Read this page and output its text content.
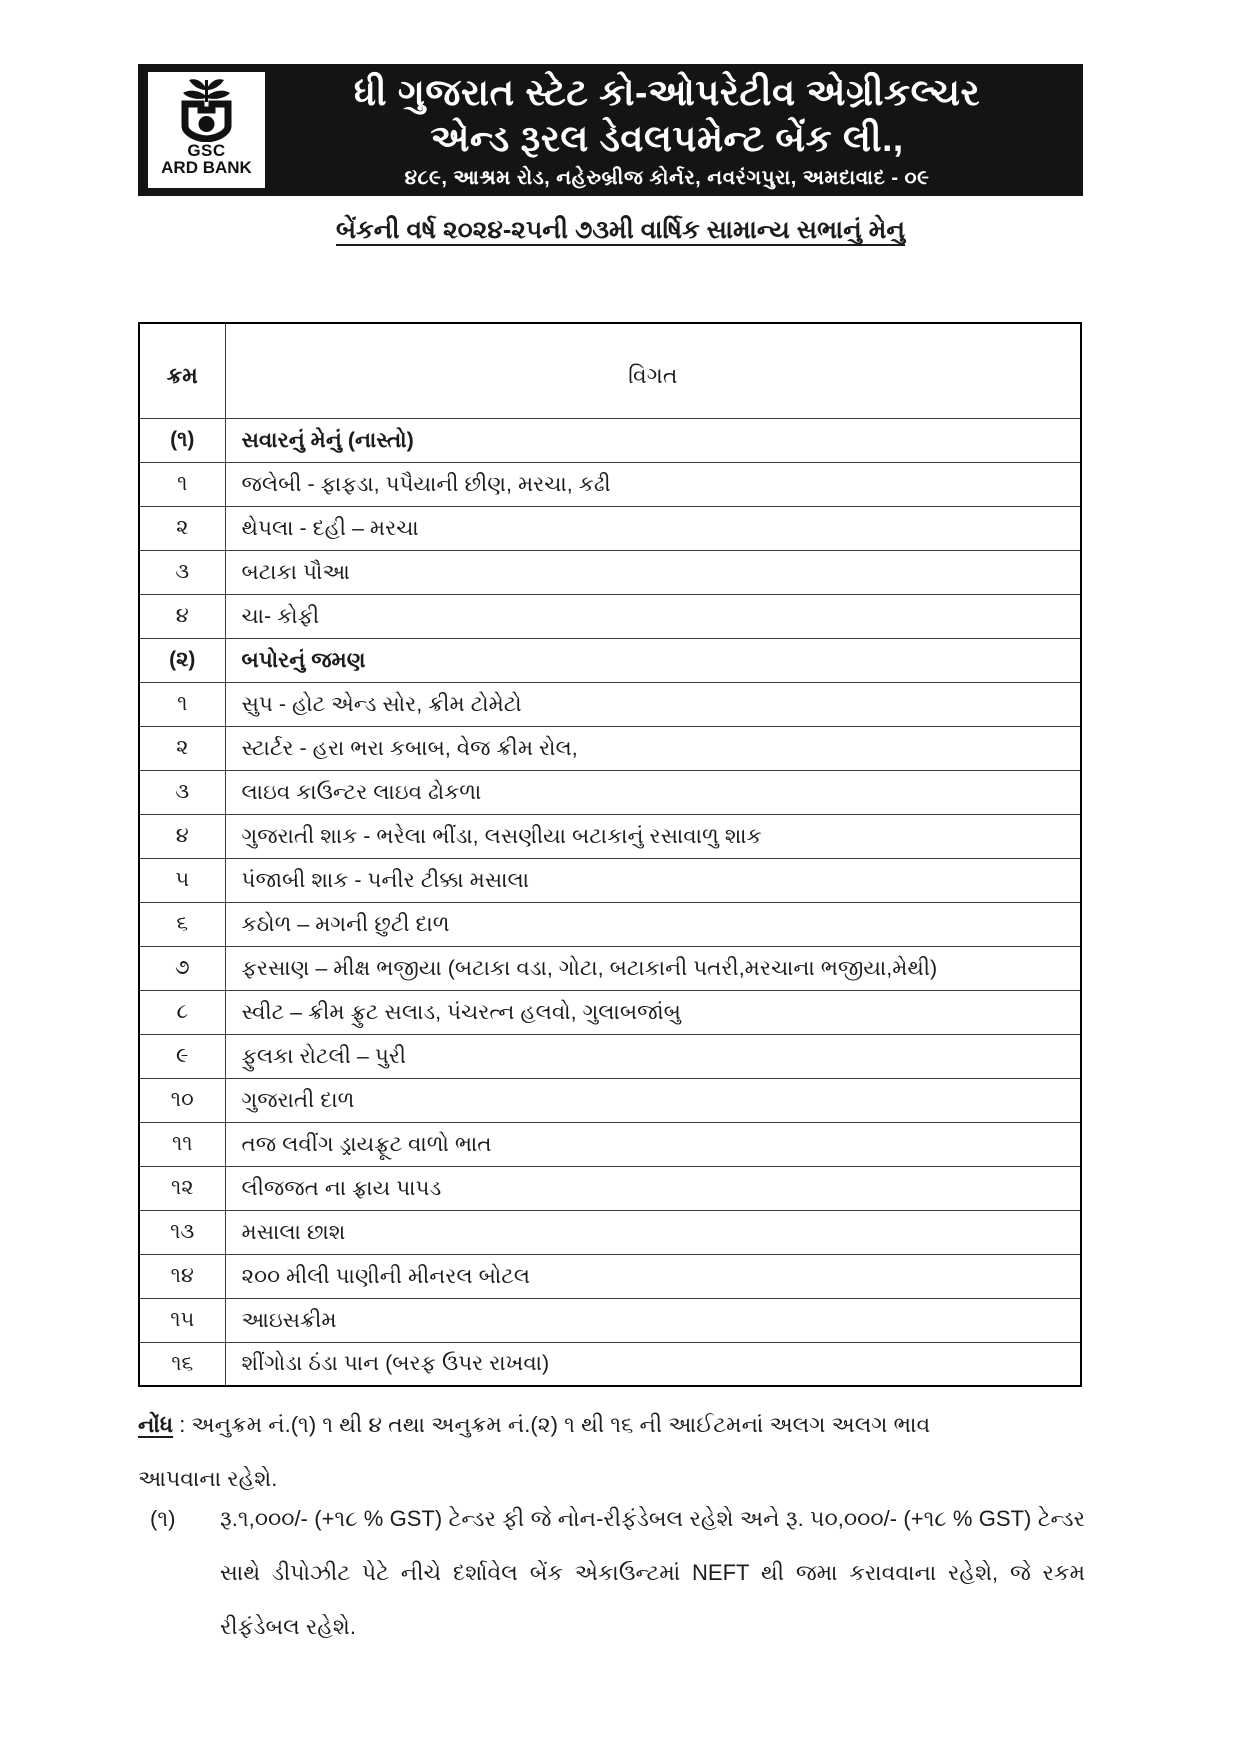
GSC
ARD BANK
ધી ગુજરાત સ્ટેટ કો-ઓપરેટીવ એગ્રીકલ્ચર
એન્ડ રૂરલ ડેવલપમેન્ટ બેંક લી.,
૪૮૯, આશ્રમ રોડ, નહેરુબ્રીજ કોર્નર, નવરંગપુરા, અમદાવાદ - ૦૯
બેંકની વર્ષ ૨૦૨૪-૨૫ની ૭૩મી વાર્ષિક સામાન્ય સભાનું મેનુ
ક્રમ	વિગત
(૧)	સવારનું મેનું (નાસ્તો)
૧	જલેબી - ફાફડા, પપૈયાની છીણ, મરચા, કઢી
૨	થેપલા - દહી – મરચા
૩	બટાકા પૌઆ
૪	ચા- કોફી
(૨)	બપોરનું જમણ
૧	સુપ - હોટ એન્ડ સોર, ક્રીમ ટોમેટો
૨	સ્ટાર્ટર - હરા ભરા કબાબ, વેજ ક્રીમ રોલ,
૩	લાઇવ કાઉન્ટર લાઇવ ઢોકળા
૪	ગુજરાતી શાક - ભરેલા ભીંડા, લસણીયા બટાકાનું રસાવાળુ શાક
૫	પંજાબી શાક - પનીર ટીક્કા મસાલા
૬	કઠોળ – મગની છુટી દાળ
૭	ફરસાણ – મીક્ષ ભજીયા (બટાકા વડા, ગોટા, બટાકાની પતરી,મરચાના ભજીયા,મેથી)
૮	સ્વીટ – ક્રીમ ફ્રુટ સલાડ, પંચરત્ન હલવો, ગુલાબજાંબુ
૯	ફુલકા રોટલી – પુરી
૧૦	ગુજરાતી દાળ
૧૧	તજ લવીંગ ડ્રાયફ્રૂટ વાળો ભાત
૧૨	લીજજત ના ફ્રાય પાપડ
૧૩	મસાલા છાશ
૧૪	૨૦૦ મીલી પાણીની મીનરલ બોટલ
૧૫	આઇસક્રીમ
૧૬	શીંગોડા ઠંડા પાન (બરફ ઉપર રાખવા)
નોંધ : અનુક્રમ નં.(૧) ૧ થી ૪ તથા અનુક્રમ નં.(૨) ૧ થી ૧૬ ની આઈટમનાં અલગ અલગ ભાવ આપવાના રહેશે.
(૧)	રૂ.૧,૦૦૦/- (+૧૮ % GST) ટેન્ડર ફી જે નોન-રીફંડેબલ રહેશે અને રૂ. ૫૦,૦૦૦/- (+૧૮ % GST) ટેન્ડર સાથે ડીપોઝીટ પેટે નીચે દર્શાવેલ બેંક એકાઉન્ટમાં NEFT થી જમા કરાવવાના રહેશે, જે રકમ રીફંડેબલ રહેશે.
